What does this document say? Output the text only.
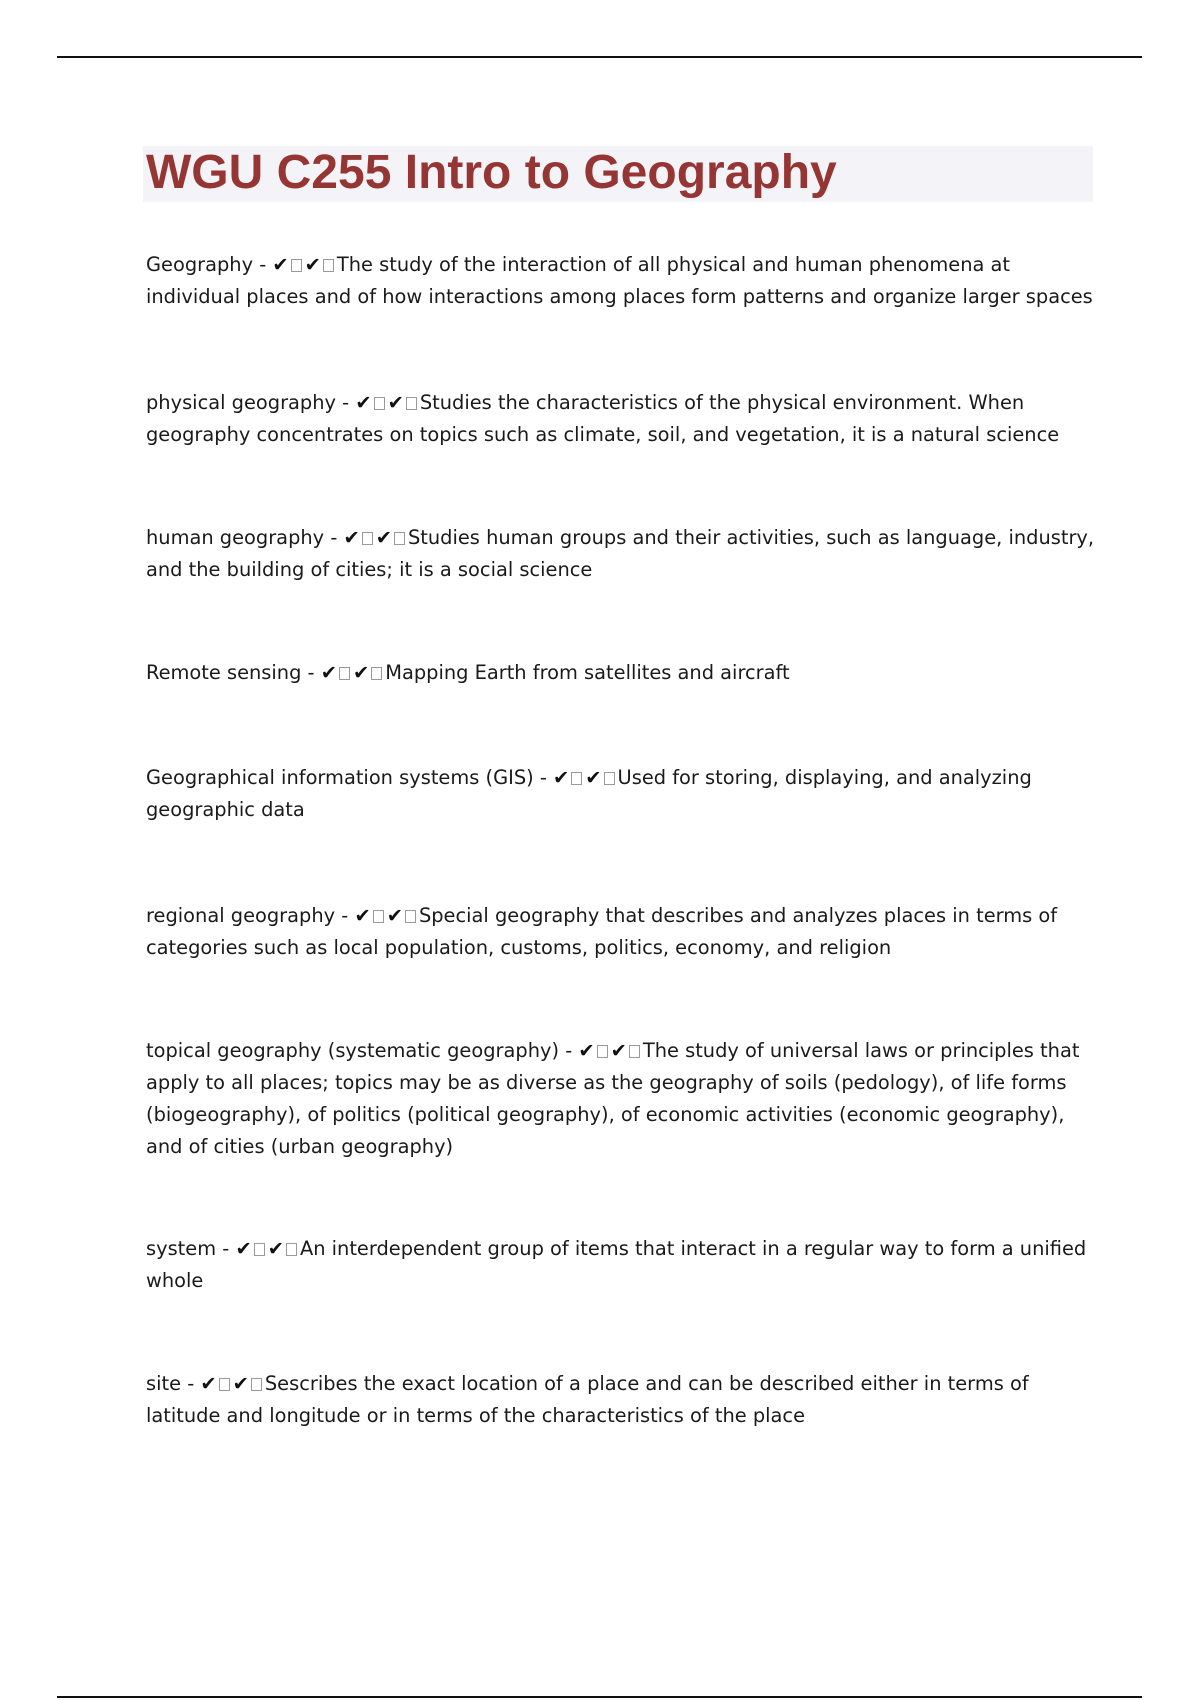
WGU C255 Intro to Geography

Geography - ✔ ✔ The study of the interaction of all physical and human phenomena at individual places and of how interactions among places form patterns and organize larger spaces

physical geography - ✔ ✔ Studies the characteristics of the physical environment. When geography concentrates on topics such as climate, soil, and vegetation, it is a natural science

human geography - ✔ ✔ Studies human groups and their activities, such as language, industry, and the building of cities; it is a social science

Remote sensing - ✔ ✔ Mapping Earth from satellites and aircraft

Geographical information systems (GIS) - ✔ ✔ Used for storing, displaying, and analyzing geographic data

regional geography - ✔ ✔ Special geography that describes and analyzes places in terms of categories such as local population, customs, politics, economy, and religion

topical geography (systematic geography) - ✔ ✔ The study of universal laws or principles that apply to all places; topics may be as diverse as the geography of soils (pedology), of life forms (biogeography), of politics (political geography), of economic activities (economic geography), and of cities (urban geography)

system - ✔ ✔ An interdependent group of items that interact in a regular way to form a unified whole

site - ✔ ✔ Sescribes the exact location of a place and can be described either in terms of latitude and longitude or in terms of the characteristics of the place
